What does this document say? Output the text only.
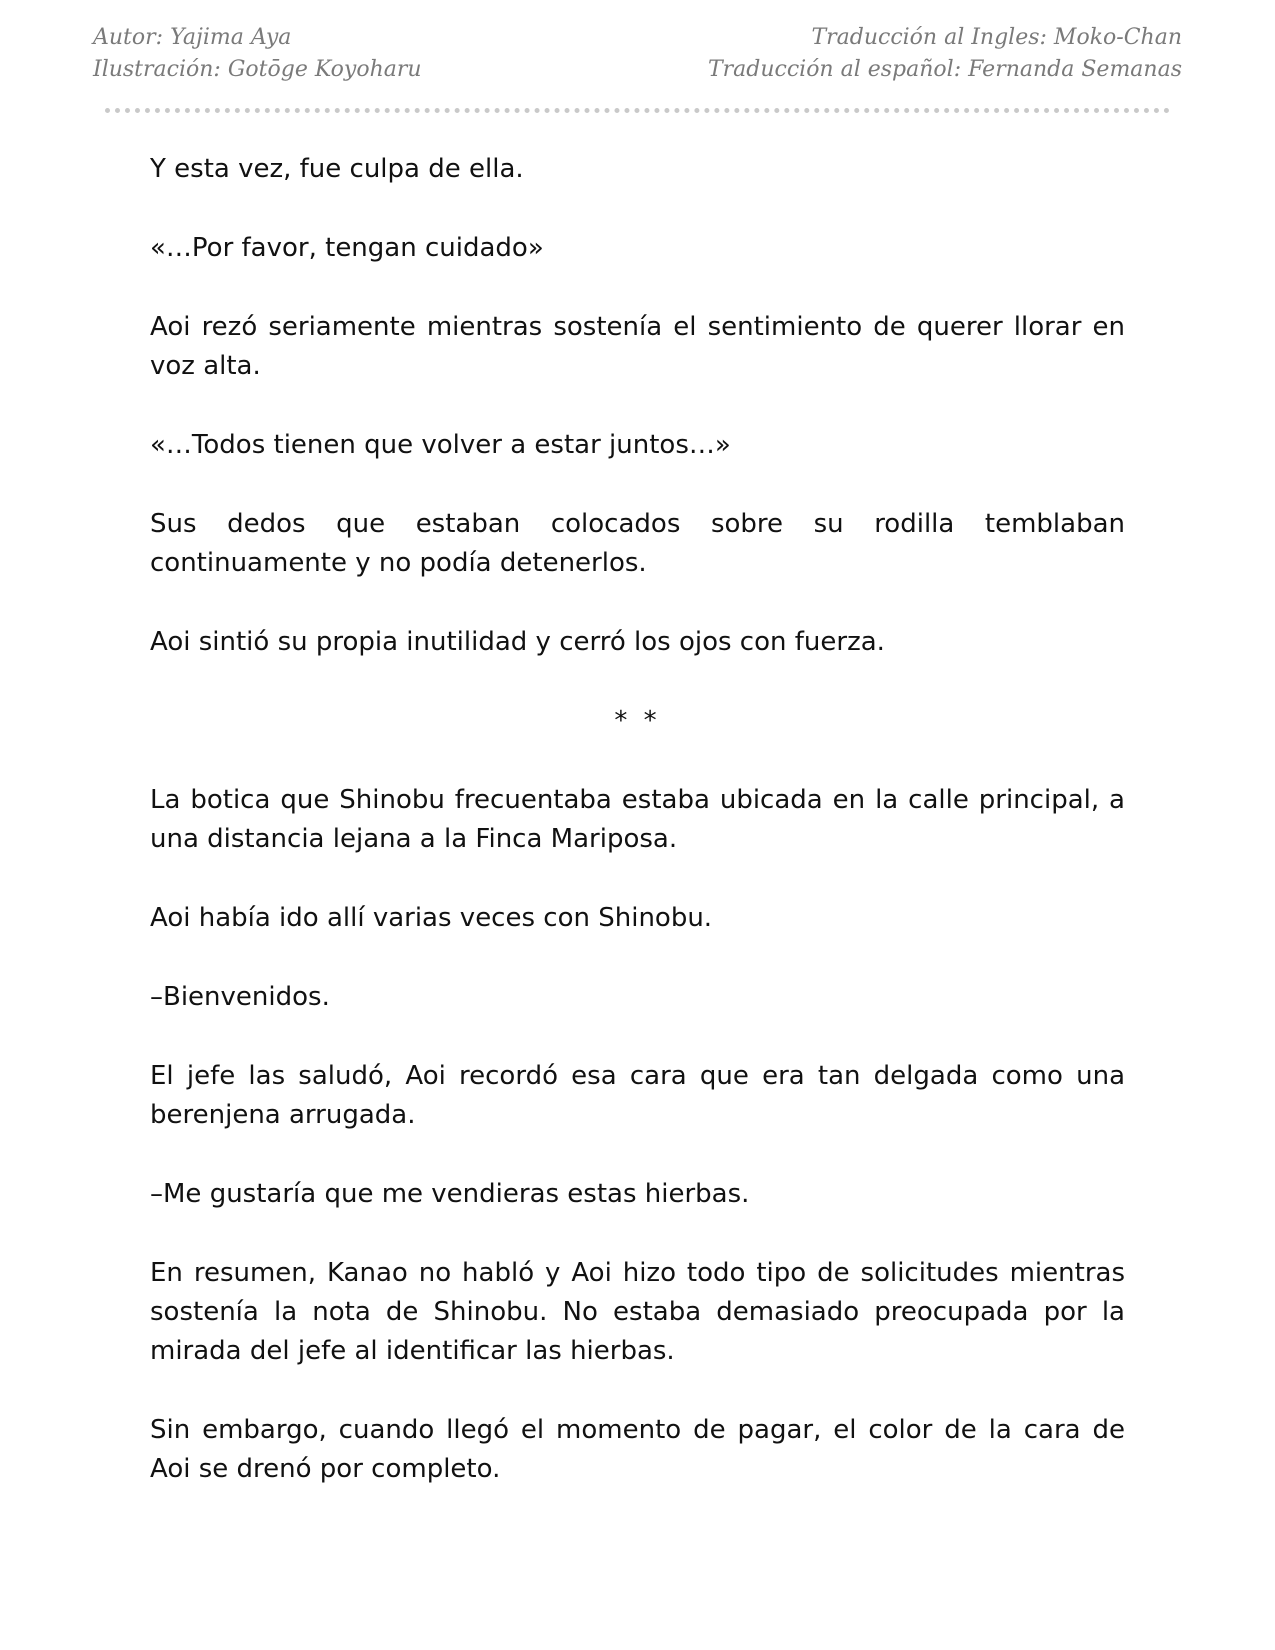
Autor: Yajima Aya
Ilustración: Gotōge Koyoharu
Traducción al Ingles: Moko-Chan
Traducción al español: Fernanda Semanas

Y esta vez, fue culpa de ella.

«…Por favor, tengan cuidado»

Aoi rezó seriamente mientras sostenía el sentimiento de querer llorar en voz alta.

«…Todos tienen que volver a estar juntos…»

Sus dedos que estaban colocados sobre su rodilla temblaban continuamente y no podía detenerlos.

Aoi sintió su propia inutilidad y cerró los ojos con fuerza.

* *

La botica que Shinobu frecuentaba estaba ubicada en la calle principal, a una distancia lejana a la Finca Mariposa.

Aoi había ido allí varias veces con Shinobu.

–Bienvenidos.

El jefe las saludó, Aoi recordó esa cara que era tan delgada como una berenjena arrugada.

–Me gustaría que me vendieras estas hierbas.

En resumen, Kanao no habló y Aoi hizo todo tipo de solicitudes mientras sostenía la nota de Shinobu. No estaba demasiado preocupada por la mirada del jefe al identificar las hierbas.

Sin embargo, cuando llegó el momento de pagar, el color de la cara de Aoi se drenó por completo.
